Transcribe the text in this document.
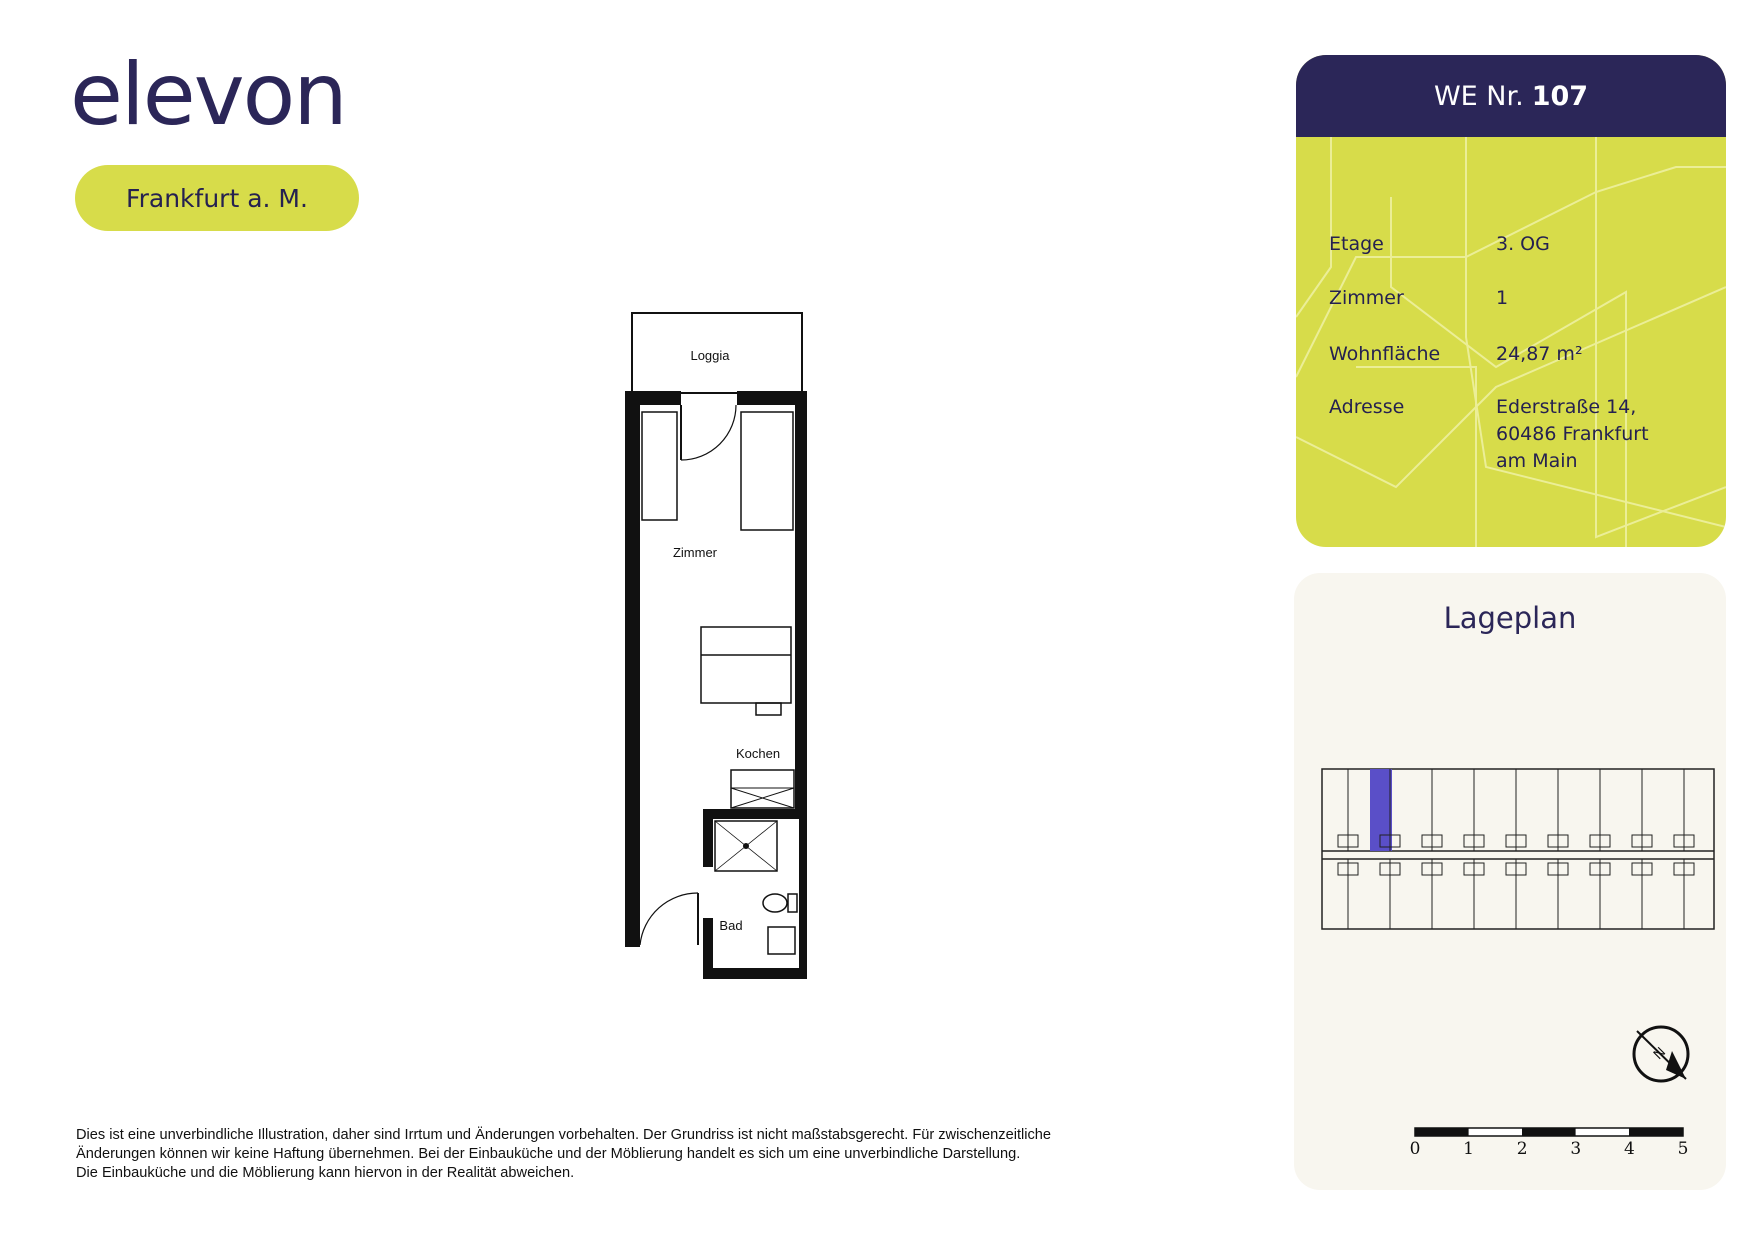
elevon
Frankfurt a. M.
Loggia
Zimmer
Kochen
Bad
Dies ist eine unverbindliche Illustration, daher sind Irrtum und Änderungen vorbehalten. Der Grundriss ist nicht maßstabsgerecht. Für zwischenzeitliche
Änderungen können wir keine Haftung übernehmen. Bei der Einbauküche und der Möblierung handelt es sich um eine unverbindliche Darstellung.
Die Einbauküche und die Möblierung kann hiervon in der Realität abweichen.
WE Nr. 107
Etage	3. OG
Zimmer	1
Wohnfläche	24,87 m²
Adresse	Ederstraße 14,
60486 Frankfurt
am Main
Lageplan
N
0	1	2	3	4	5
